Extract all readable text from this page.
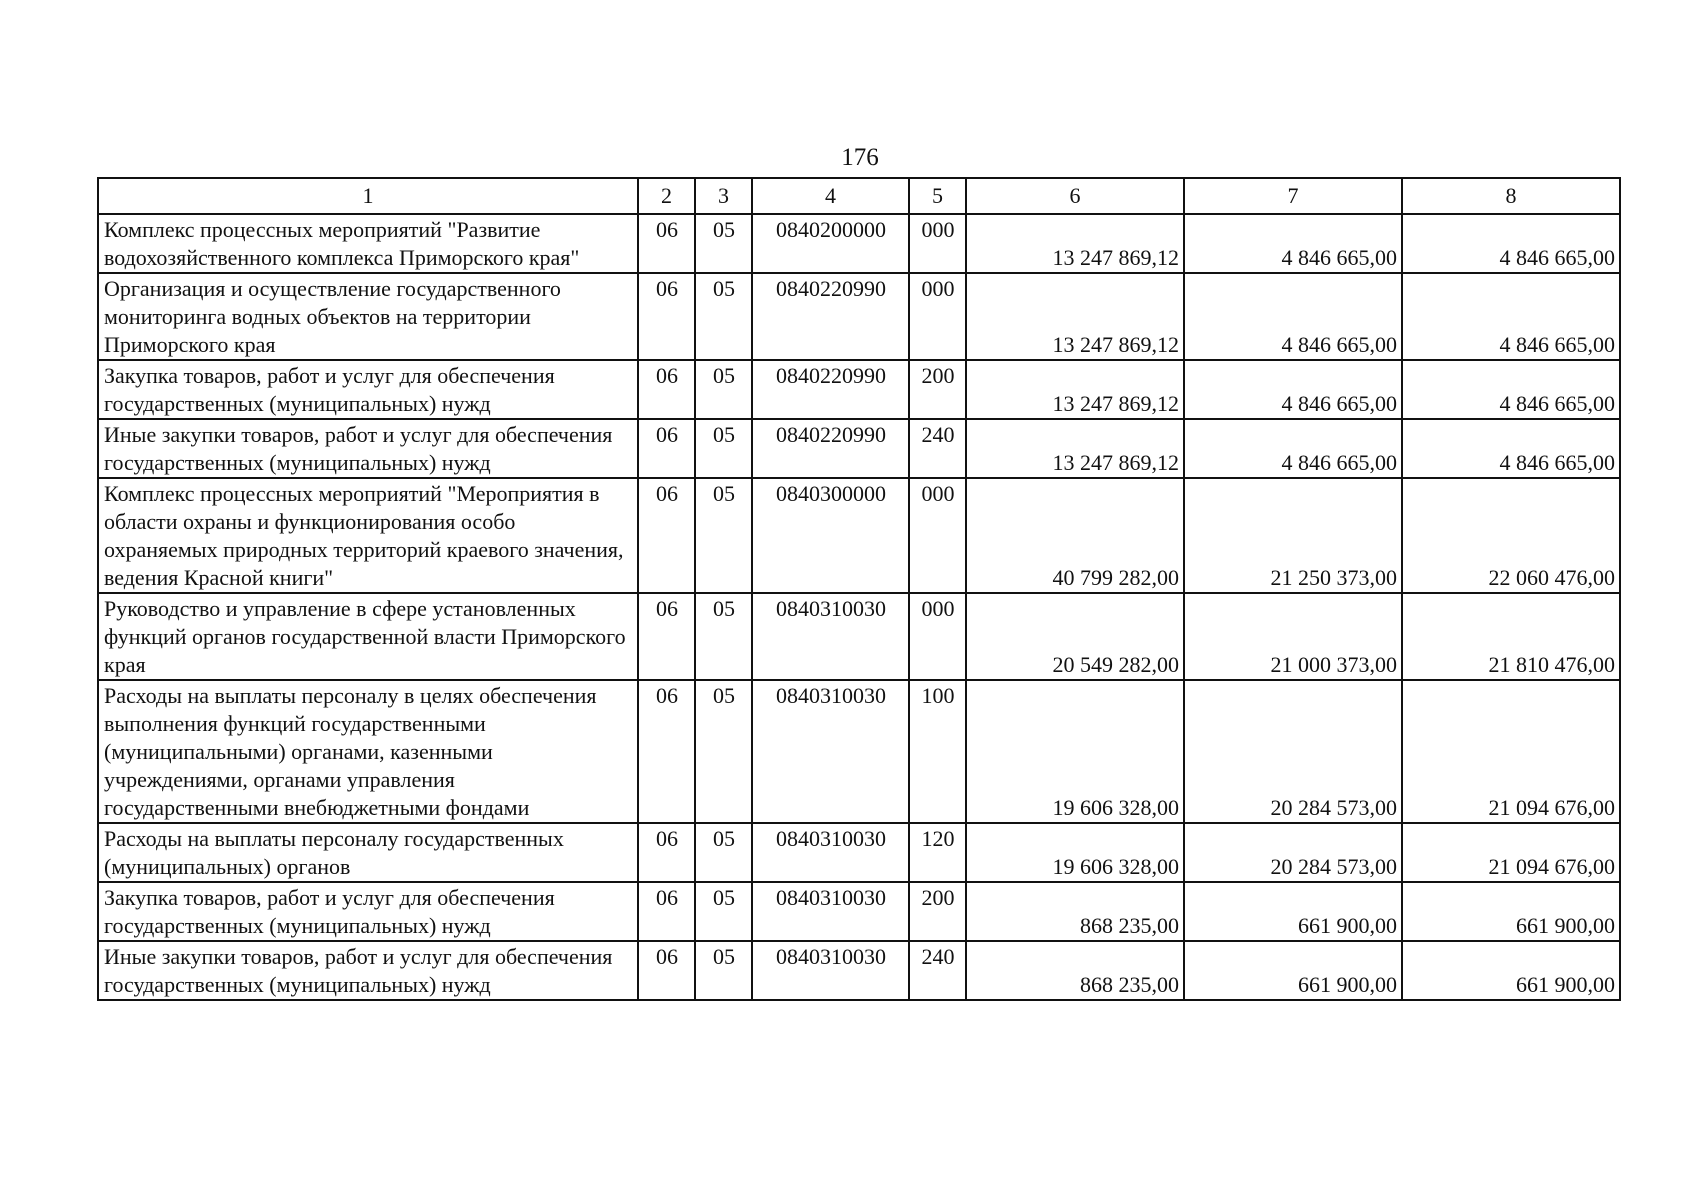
176
1	2	3	4	5	6	7	8
Комплекс процессных мероприятий "Развитие водохозяйственного комплекса Приморского края"	06	05	0840200000	000	13 247 869,12	4 846 665,00	4 846 665,00
Организация и осуществление государственного мониторинга водных объектов на территории Приморского края	06	05	0840220990	000	13 247 869,12	4 846 665,00	4 846 665,00
Закупка товаров, работ и услуг для обеспечения государственных (муниципальных) нужд	06	05	0840220990	200	13 247 869,12	4 846 665,00	4 846 665,00
Иные закупки товаров, работ и услуг для обеспечения государственных (муниципальных) нужд	06	05	0840220990	240	13 247 869,12	4 846 665,00	4 846 665,00
Комплекс процессных мероприятий "Мероприятия в области охраны и функционирования особо охраняемых природных территорий краевого значения, ведения Красной книги"	06	05	0840300000	000	40 799 282,00	21 250 373,00	22 060 476,00
Руководство и управление в сфере установленных функций органов государственной власти Приморского края	06	05	0840310030	000	20 549 282,00	21 000 373,00	21 810 476,00
Расходы на выплаты персоналу в целях обеспечения выполнения функций государственными (муниципальными) органами, казенными учреждениями, органами управления государственными внебюджетными фондами	06	05	0840310030	100	19 606 328,00	20 284 573,00	21 094 676,00
Расходы на выплаты персоналу государственных (муниципальных) органов	06	05	0840310030	120	19 606 328,00	20 284 573,00	21 094 676,00
Закупка товаров, работ и услуг для обеспечения государственных (муниципальных) нужд	06	05	0840310030	200	868 235,00	661 900,00	661 900,00
Иные закупки товаров, работ и услуг для обеспечения государственных (муниципальных) нужд	06	05	0840310030	240	868 235,00	661 900,00	661 900,00
